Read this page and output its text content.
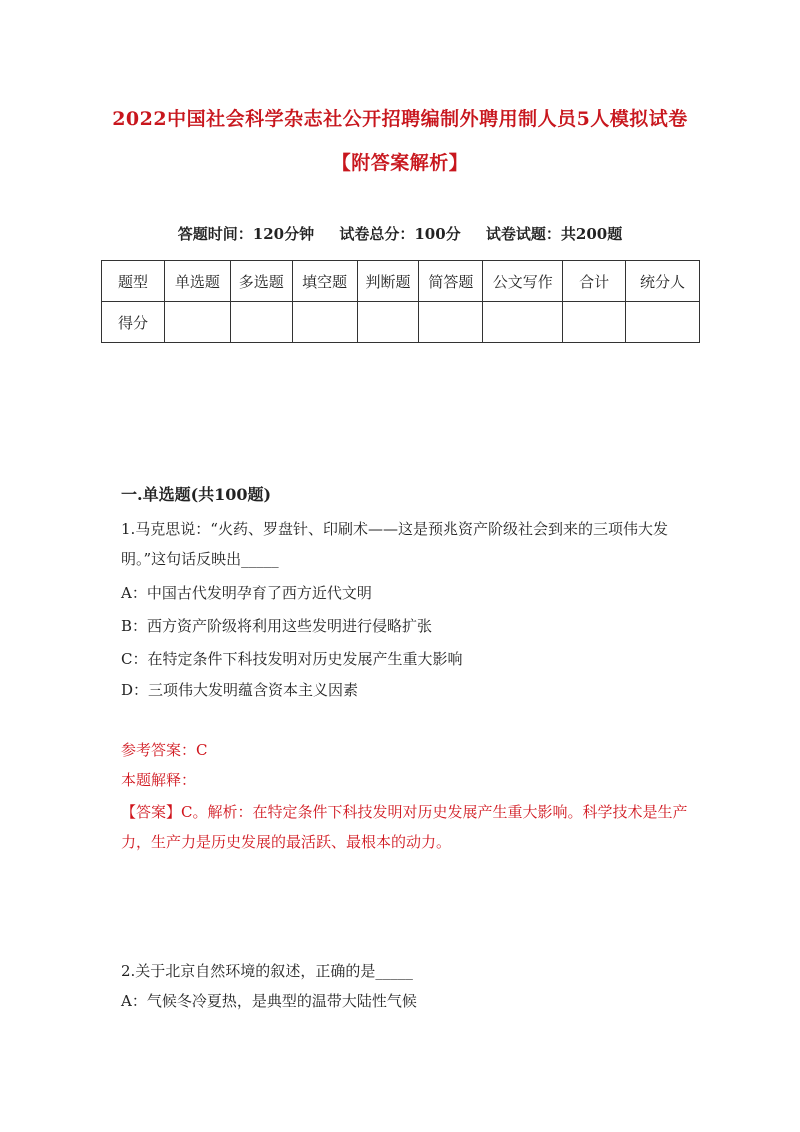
2022中国社会科学杂志社公开招聘编制外聘用制人员5人模拟试卷
【附答案解析】
答题时间：120分钟 试卷总分：100分 试卷试题：共200题
题型	单选题	多选题	填空题	判断题	简答题	公文写作	合计	统分人
得分								
一.单选题(共100题)
1.马克思说：“火药、罗盘针、印刷术——这是预兆资产阶级社会到来的三项伟大发明。”这句话反映出_____
A：中国古代发明孕育了西方近代文明
B：西方资产阶级将利用这些发明进行侵略扩张
C：在特定条件下科技发明对历史发展产生重大影响
D：三项伟大发明蕴含资本主义因素
参考答案：C
本题解释：
【答案】C。解析：在特定条件下科技发明对历史发展产生重大影响。科学技术是生产力，生产力是历史发展的最活跃、最根本的动力。
2.关于北京自然环境的叙述，正确的是_____
A：气候冬冷夏热，是典型的温带大陆性气候
